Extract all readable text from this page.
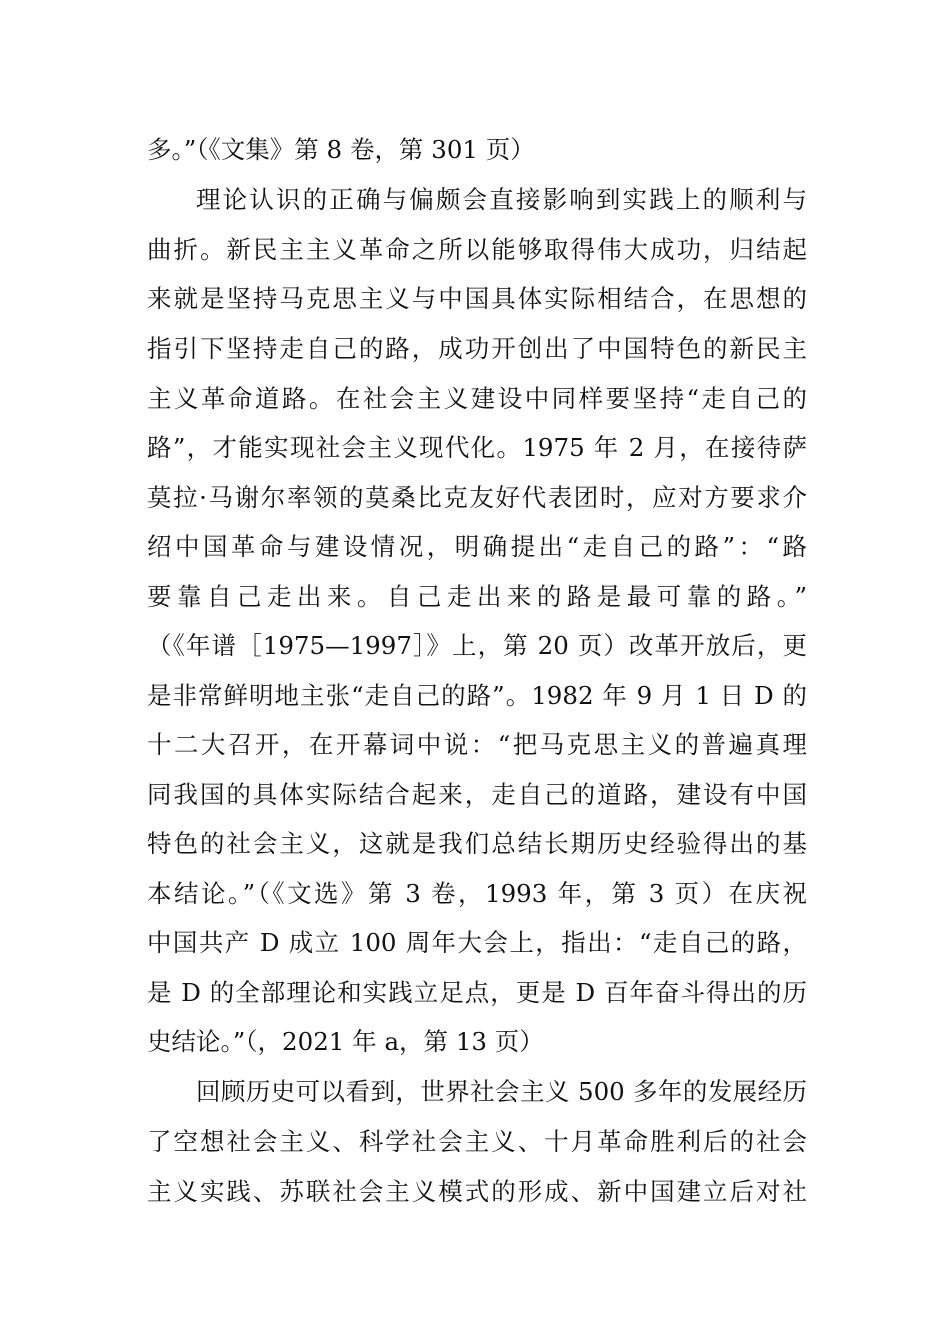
多。”（《文集》第 8 卷，第 301 页）
理论认识的正确与偏颇会直接影响到实践上的顺利与
曲折。新民主主义革命之所以能够取得伟大成功，归结起
来就是坚持马克思主义与中国具体实际相结合，在思想的
指引下坚持走自己的路，成功开创出了中国特色的新民主
主义革命道路。在社会主义建设中同样要坚持“走自己的
路”，才能实现社会主义现代化。1975 年 2 月，在接待萨
莫拉·马谢尔率领的莫桑比克友好代表团时，应对方要求介
绍中国革命与建设情况，明确提出“走自己的路”：“路
要靠自己走出来。自己走出来的路是最可靠的路。”
（《年谱［1975—1997］》上，第 20 页）改革开放后，更
是非常鲜明地主张“走自己的路”。1982 年 9 月 1 日 D 的
十二大召开，在开幕词中说：“把马克思主义的普遍真理
同我国的具体实际结合起来，走自己的道路，建设有中国
特色的社会主义，这就是我们总结长期历史经验得出的基
本结论。”（《文选》第 3 卷，1993 年，第 3 页）在庆祝
中国共产 D 成立 100 周年大会上，指出：“走自己的路，
是 D 的全部理论和实践立足点，更是 D 百年奋斗得出的历
史结论。”（，2021 年 a，第 13 页）
回顾历史可以看到，世界社会主义 500 多年的发展经历
了空想社会主义、科学社会主义、十月革命胜利后的社会
主义实践、苏联社会主义模式的形成、新中国建立后对社
